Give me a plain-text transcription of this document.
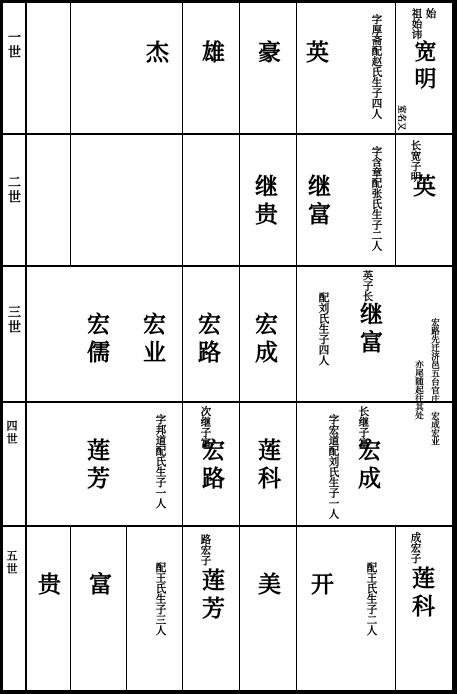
一世
二世
三世
四世
五世
祖始讳 始
宽明
室名又
字厚斋配赵氏生子四人
英
豪
雄
杰
长宽子明
英
字含章配张氏生子二人
继富
继贵
英子长
继富
配刘氏生子四人
宏成
宏路
宏业
宏儒	宏路先迁济邑五台官庄　宏成宏业
亦尾随起往其处
长继子富
宏成
字宏道配刘氏生子一人
莲科
次继子富
宏路
字邦道配氏生子一人
莲芳
成宏子
莲科
配王氏生子二人
开
美
路宏子
莲芳
配王氏生子三人
富
贵
